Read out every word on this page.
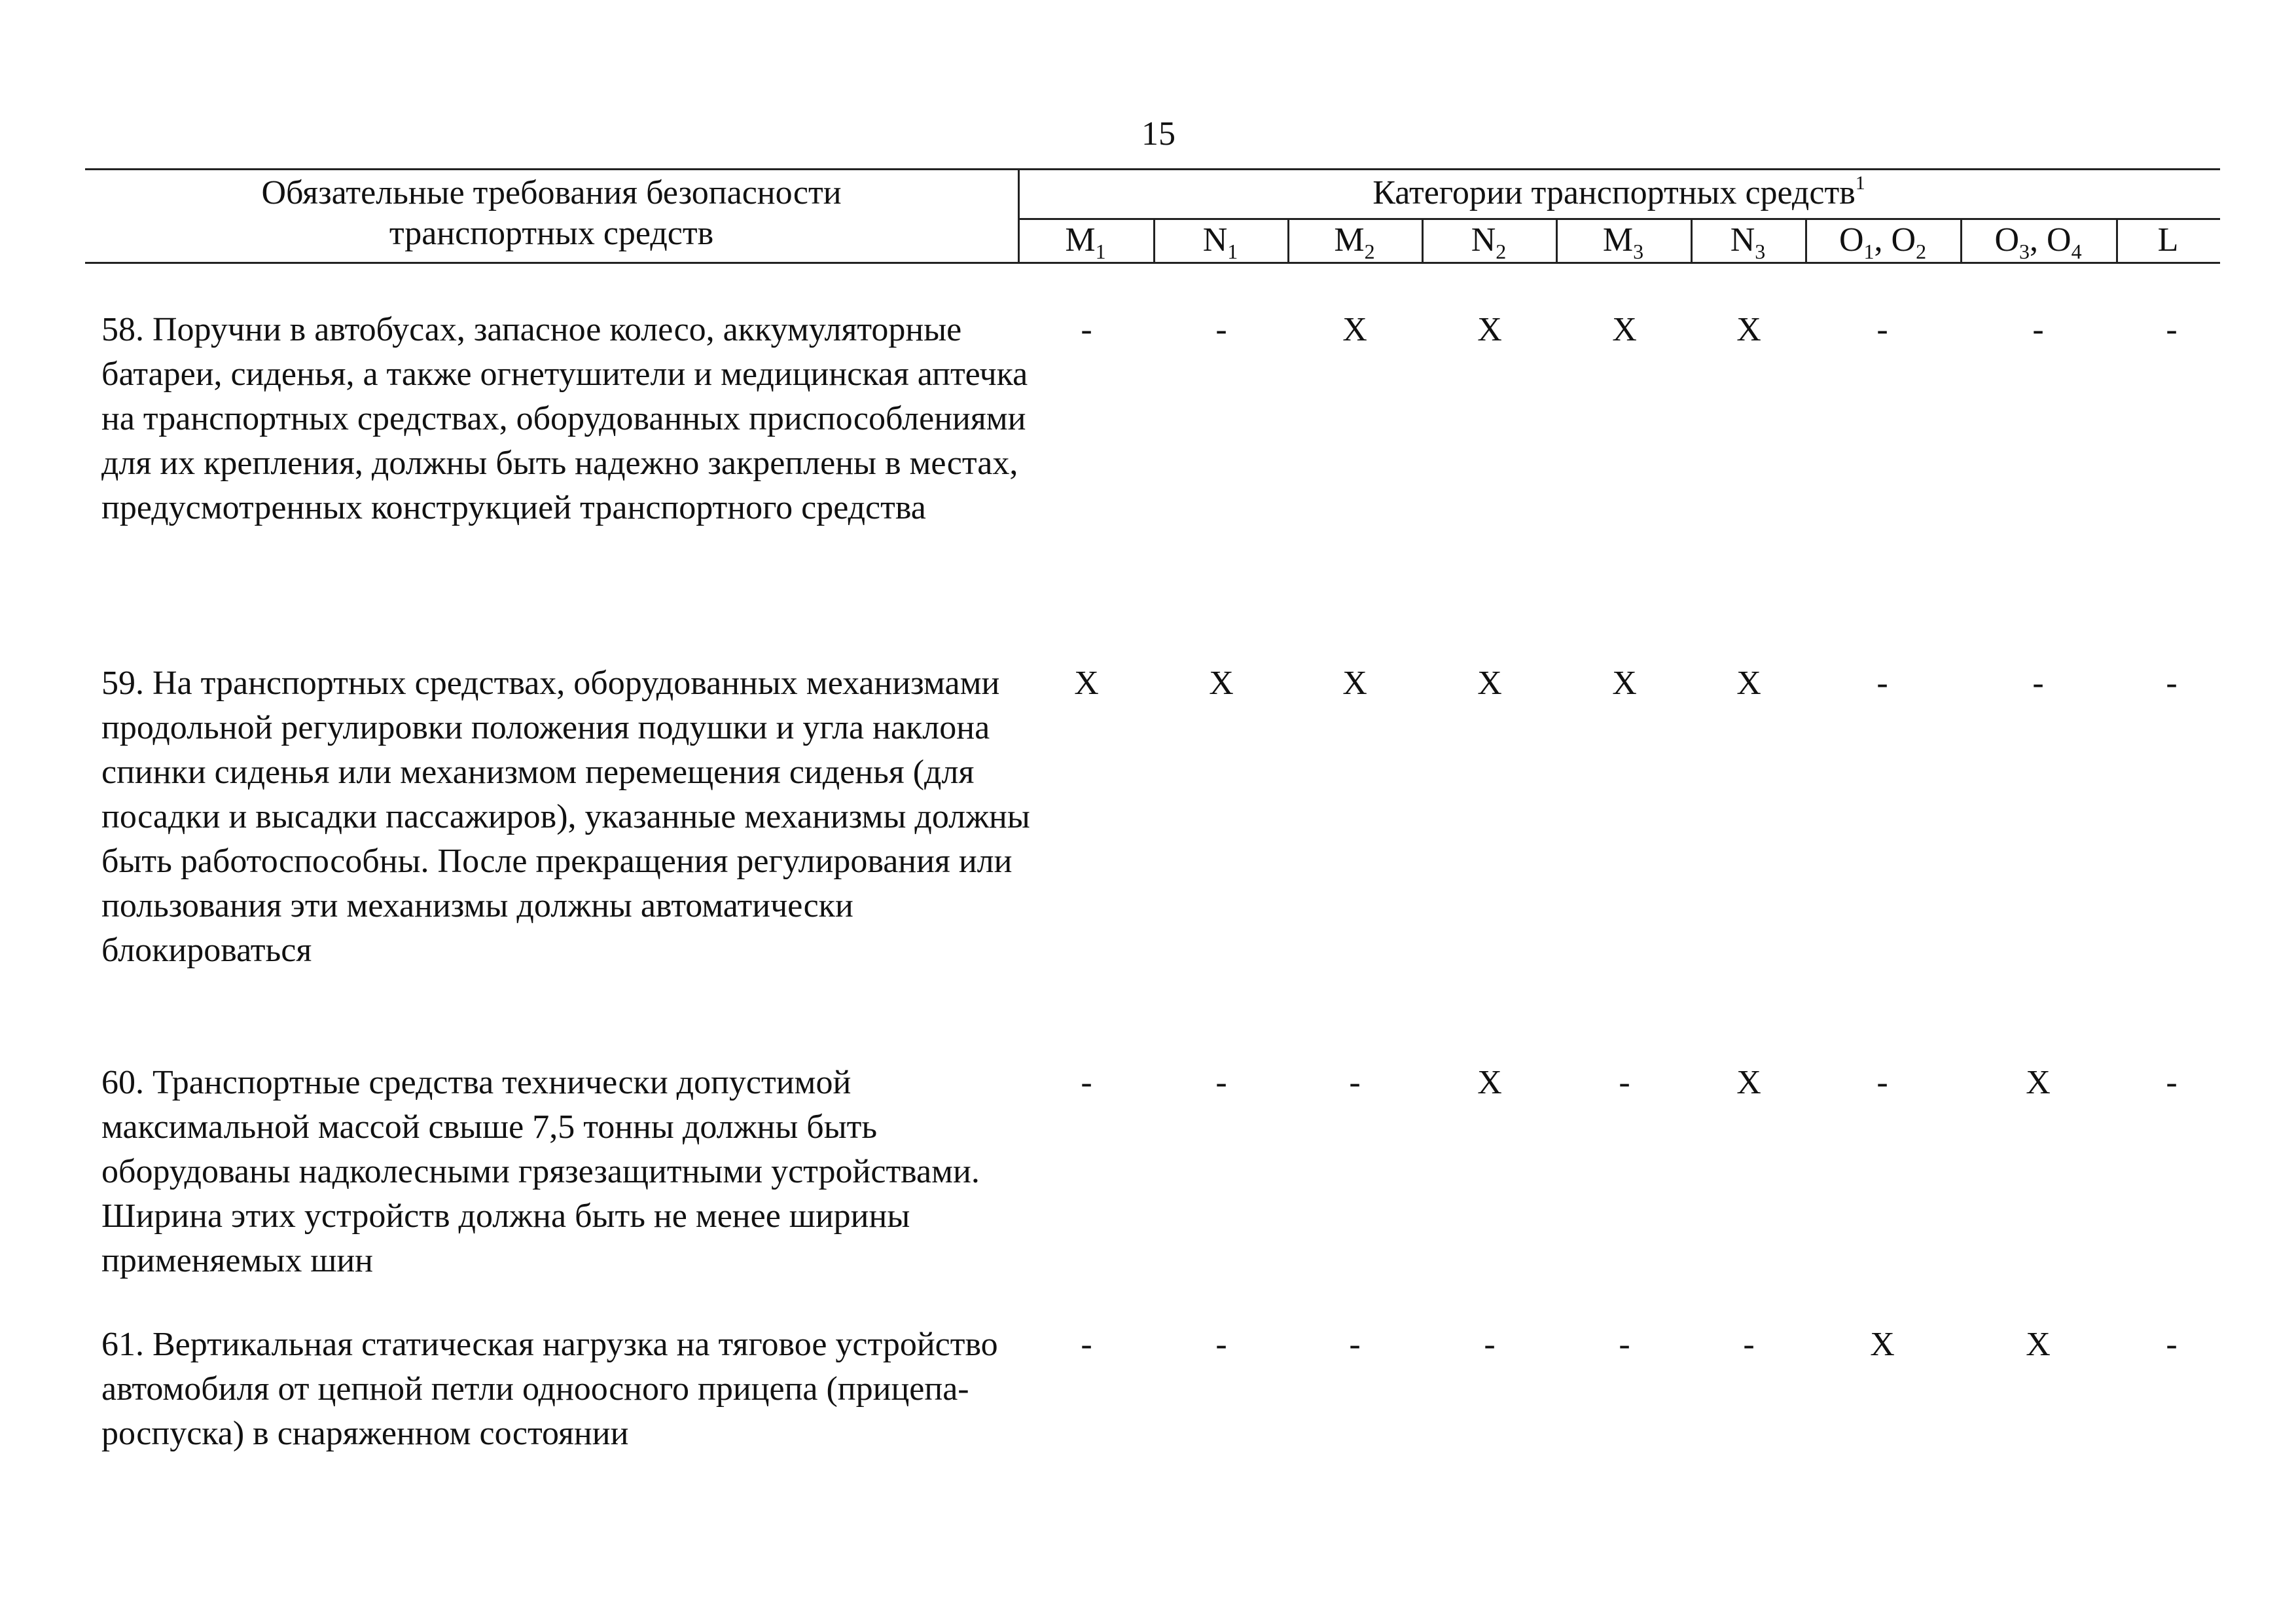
15
Обязательные требования безопасности
транспортных средств
Категории транспортных средств$^1$
$M_1$	$N_1$	$M_2$	$N_2$	$M_3$	$N_3$	$O_1$, $O_2$	$O_3$, $O_4$	L
58. Поручни в автобусах, запасное колесо, аккумуляторные батареи, сиденья, а также огнетушители и медицинская аптечка на транспортных средствах, оборудованных приспособлениями для их крепления, должны быть надежно закреплены в местах, предусмотренных конструкцией транспортного средства
-	-	X	X	X	X	-	-	-
59. На транспортных средствах, оборудованных механизмами продольной регулировки положения подушки и угла наклона спинки сиденья или механизмом перемещения сиденья (для посадки и высадки пассажиров), указанные механизмы должны быть работоспособны. После прекращения регулирования или пользования эти механизмы должны автоматически блокироваться
X	X	X	X	X	X	-	-	-
60. Транспортные средства технически допустимой максимальной массой свыше 7,5 тонны должны быть оборудованы надколесными грязезащитными устройствами. Ширина этих устройств должна быть не менее ширины применяемых шин
-	-	-	X	-	X	-	X	-
61. Вертикальная статическая нагрузка на тяговое устройство автомобиля от цепной петли одноосного прицепа (прицепа-роспуска) в снаряженном состоянии
-	-	-	-	-	-	X	X	-
